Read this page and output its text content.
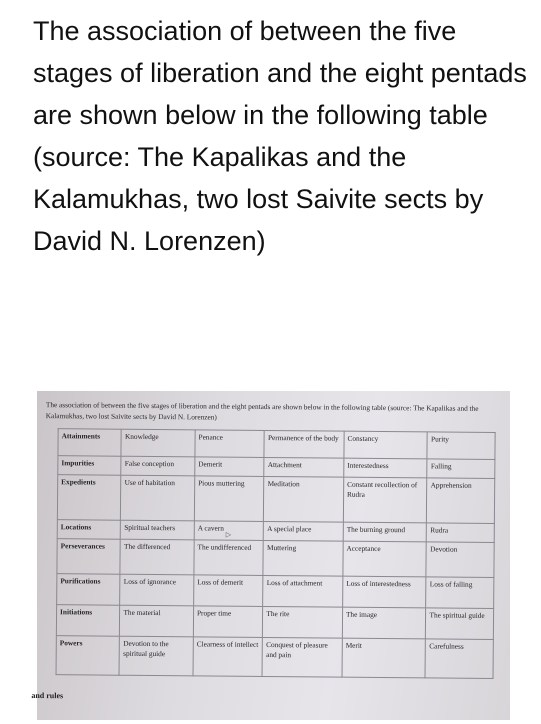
The association of between the five stages of liberation and the eight pentads are shown below in the following table (source: The Kapalikas and the Kalamukhas, two lost Saivite sects by David N. Lorenzen)

The association of between the five stages of liberation and the eight pentads are shown below in the following table (source: The Kapalikas and the Kalamukhas, two lost Saivite sects by David N. Lorenzen)

Attainments	Knowledge	Penance	Permanence of the body	Constancy	Purity
Impurities	False conception	Demerit	Attachment	Interestedness	Falling
Expedients	Use of habitation	Pious muttering	Meditation	Constant recollection of Rudra	Apprehension
Locations	Spiritual teachers	A cavern	A special place	The burning ground	Rudra
Perseverances	The differenced	The undifferenced	Muttering	Acceptance	Devotion
Purifications	Loss of ignorance	Loss of demerit	Loss of attachment	Loss of interestedness	Loss of falling
Initiations	The material	Proper time	The rite	The image	The spiritual guide
Powers	Devotion to the spiritual guide	Clearness of intellect	Conquest of pleasure and pain	Merit	Carefulness
▷
and rules
